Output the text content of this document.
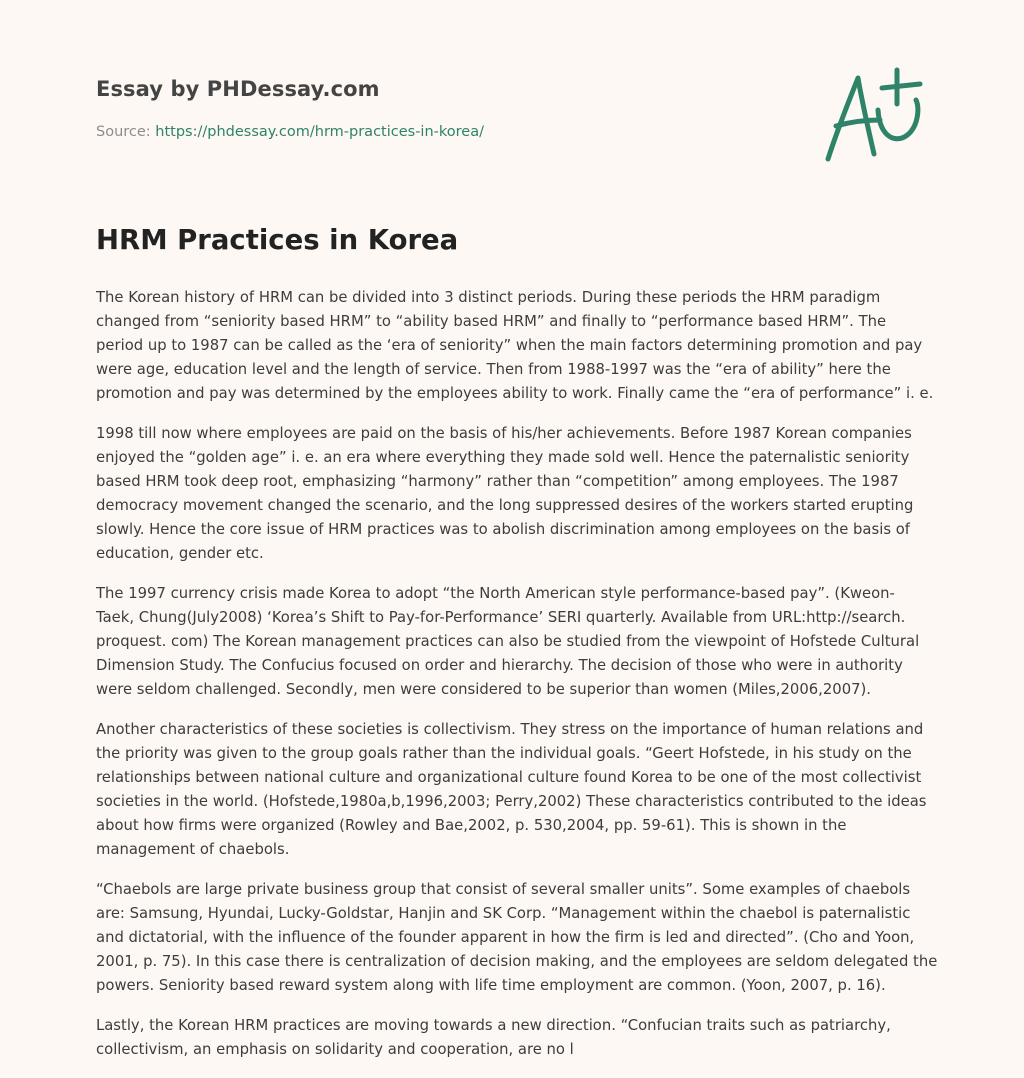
Essay by PHDessay.com
Source: https://phdessay.com/hrm-practices-in-korea/
HRM Practices in Korea

The Korean history of HRM can be divided into 3 distinct periods. During these periods the HRM paradigm
changed from “seniority based HRM” to “ability based HRM” and finally to “performance based HRM”. The
period up to 1987 can be called as the ‘era of seniority” when the main factors determining promotion and pay
were age, education level and the length of service. Then from 1988-1997 was the “era of ability” here the
promotion and pay was determined by the employees ability to work. Finally came the “era of performance” i. e.

1998 till now where employees are paid on the basis of his/her achievements. Before 1987 Korean companies
enjoyed the “golden age” i. e. an era where everything they made sold well. Hence the paternalistic seniority
based HRM took deep root, emphasizing “harmony” rather than “competition” among employees. The 1987
democracy movement changed the scenario, and the long suppressed desires of the workers started erupting
slowly. Hence the core issue of HRM practices was to abolish discrimination among employees on the basis of
education, gender etc.

The 1997 currency crisis made Korea to adopt “the North American style performance-based pay”. (Kweon-
Taek, Chung(July2008) ‘Korea’s Shift to Pay-for-Performance’ SERI quarterly. Available from URL:http://search.
proquest. com) The Korean management practices can also be studied from the viewpoint of Hofstede Cultural
Dimension Study. The Confucius focused on order and hierarchy. The decision of those who were in authority
were seldom challenged. Secondly, men were considered to be superior than women (Miles,2006,2007).

Another characteristics of these societies is collectivism. They stress on the importance of human relations and
the priority was given to the group goals rather than the individual goals. “Geert Hofstede, in his study on the
relationships between national culture and organizational culture found Korea to be one of the most collectivist
societies in the world. (Hofstede,1980a,b,1996,2003; Perry,2002) These characteristics contributed to the ideas
about how firms were organized (Rowley and Bae,2002, p. 530,2004, pp. 59-61). This is shown in the
management of chaebols.

“Chaebols are large private business group that consist of several smaller units”. Some examples of chaebols
are: Samsung, Hyundai, Lucky-Goldstar, Hanjin and SK Corp. “Management within the chaebol is paternalistic
and dictatorial, with the influence of the founder apparent in how the firm is led and directed”. (Cho and Yoon,
2001, p. 75). In this case there is centralization of decision making, and the employees are seldom delegated the
powers. Seniority based reward system along with life time employment are common. (Yoon, 2007, p. 16).

Lastly, the Korean HRM practices are moving towards a new direction. “Confucian traits such as patriarchy,
collectivism, an emphasis on solidarity and cooperation, are no l
